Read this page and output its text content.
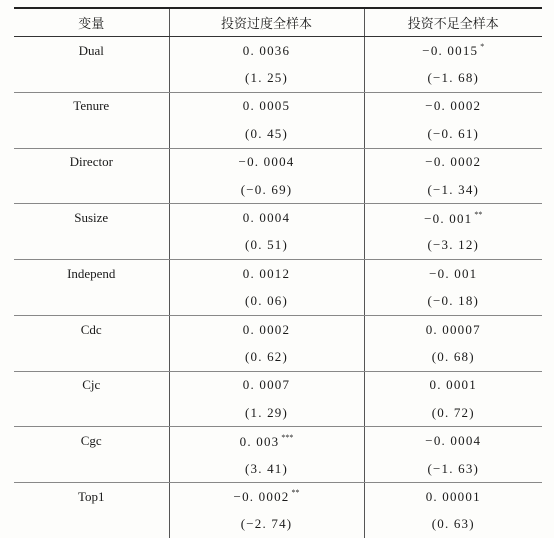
变量	投资过度全样本	投资不足全样本
Dual	0. 0036	−0. 0015 *
	(1. 25)	(−1. 68)
Tenure	0. 0005	−0. 0002
	(0. 45)	(−0. 61)
Director	−0. 0004	−0. 0002
	(−0. 69)	(−1. 34)
Susize	0. 0004	−0. 001 **
	(0. 51)	(−3. 12)
Independ	0. 0012	−0. 001
	(0. 06)	(−0. 18)
Cdc	0. 0002	0. 00007
	(0. 62)	(0. 68)
Cjc	0. 0007	0. 0001
	(1. 29)	(0. 72)
Cgc	0. 003 ***	−0. 0004
	(3. 41)	(−1. 63)
Top1	−0. 0002 **	0. 00001
	(−2. 74)	(0. 63)
